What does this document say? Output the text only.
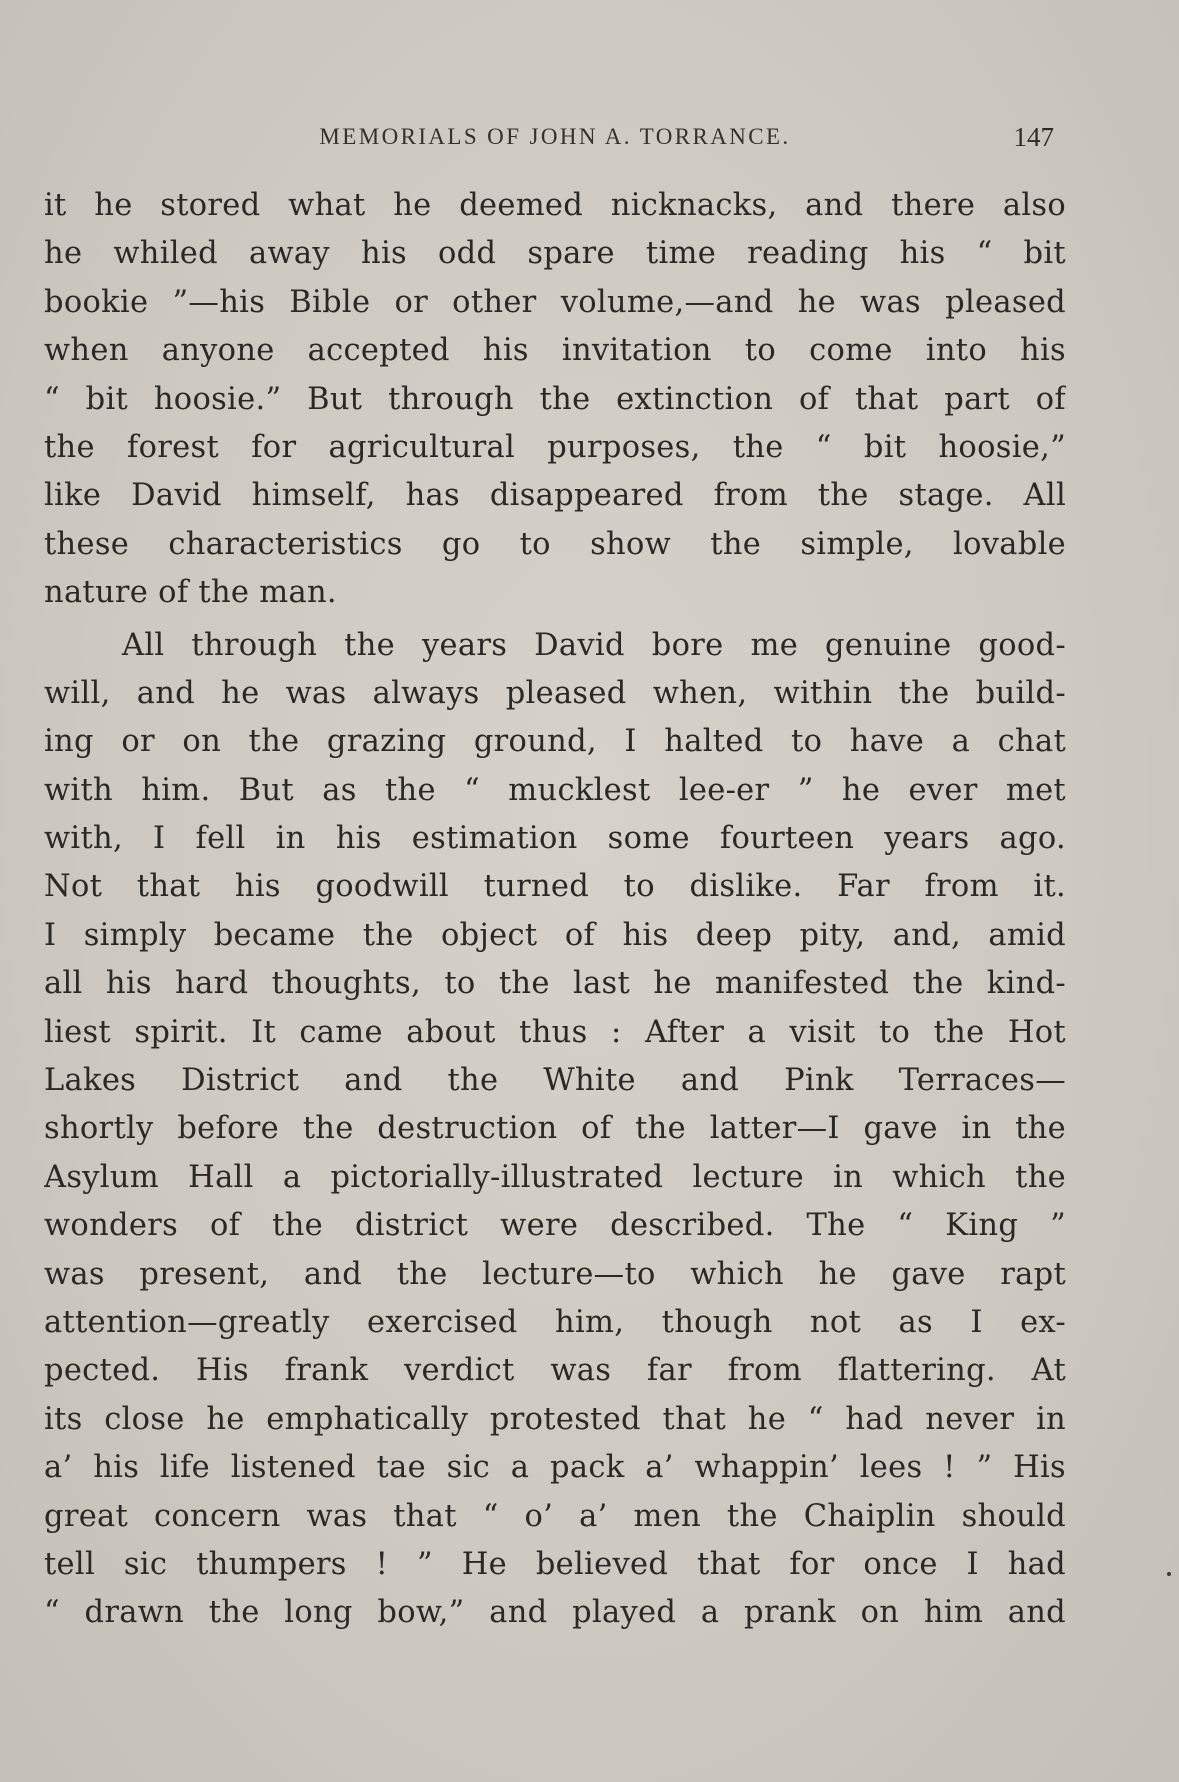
MEMORIALS OF JOHN A. TORRANCE.	147
it he stored what he deemed nicknacks, and there also
he whiled away his odd spare time reading his “ bit
bookie ”—his Bible or other volume,—and he was pleased
when anyone accepted his invitation to come into his
“ bit hoosie.” But through the extinction of that part of
the forest for agricultural purposes, the “ bit hoosie,”
like David himself, has disappeared from the stage. All
these characteristics go to show the simple, lovable
nature of the man.
All through the years David bore me genuine good-
will, and he was always pleased when, within the build-
ing or on the grazing ground, I halted to have a chat
with him. But as the “ mucklest lee-er ” he ever met
with, I fell in his estimation some fourteen years ago.
Not that his goodwill turned to dislike. Far from it.
I simply became the object of his deep pity, and, amid
all his hard thoughts, to the last he manifested the kind-
liest spirit. It came about thus : After a visit to the Hot
Lakes District and the White and Pink Terraces—
shortly before the destruction of the latter—I gave in the
Asylum Hall a pictorially-illustrated lecture in which the
wonders of the district were described. The “ King ”
was present, and the lecture—to which he gave rapt
attention—greatly exercised him, though not as I ex-
pected. His frank verdict was far from flattering. At
its close he emphatically protested that he “ had never in
a’ his life listened tae sic a pack a’ whappin’ lees ! ” His
great concern was that “ o’ a’ men the Chaiplin should
tell sic thumpers ! ” He believed that for once I had
“ drawn the long bow,” and played a prank on him and
